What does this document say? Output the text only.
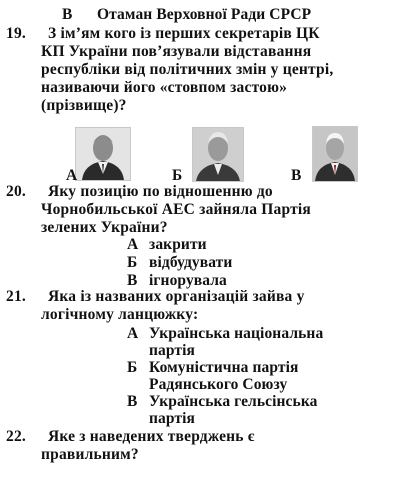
В Отаман Верховної Ради СРСР
19. З ім’ям кого із перших секретарів ЦК
КП України пов’язували відставання
республіки від політичних змін у центрі,
називаючи його «стовпом застою»
(прізвище)?
А	Б	В
20. Яку позицію по відношенню до
Чорнобильської АЕС зайняла Партія
зелених України?
А закрити
Б відбудувати
В ігнорувала
21. Яка із названих організацій зайва у
логічному ланцюжку:
А Українська національна
партія
Б Комуністична партія
Радянського Союзу
В Українська гельсінська
партія
22. Яке з наведених тверджень є
правильним?
